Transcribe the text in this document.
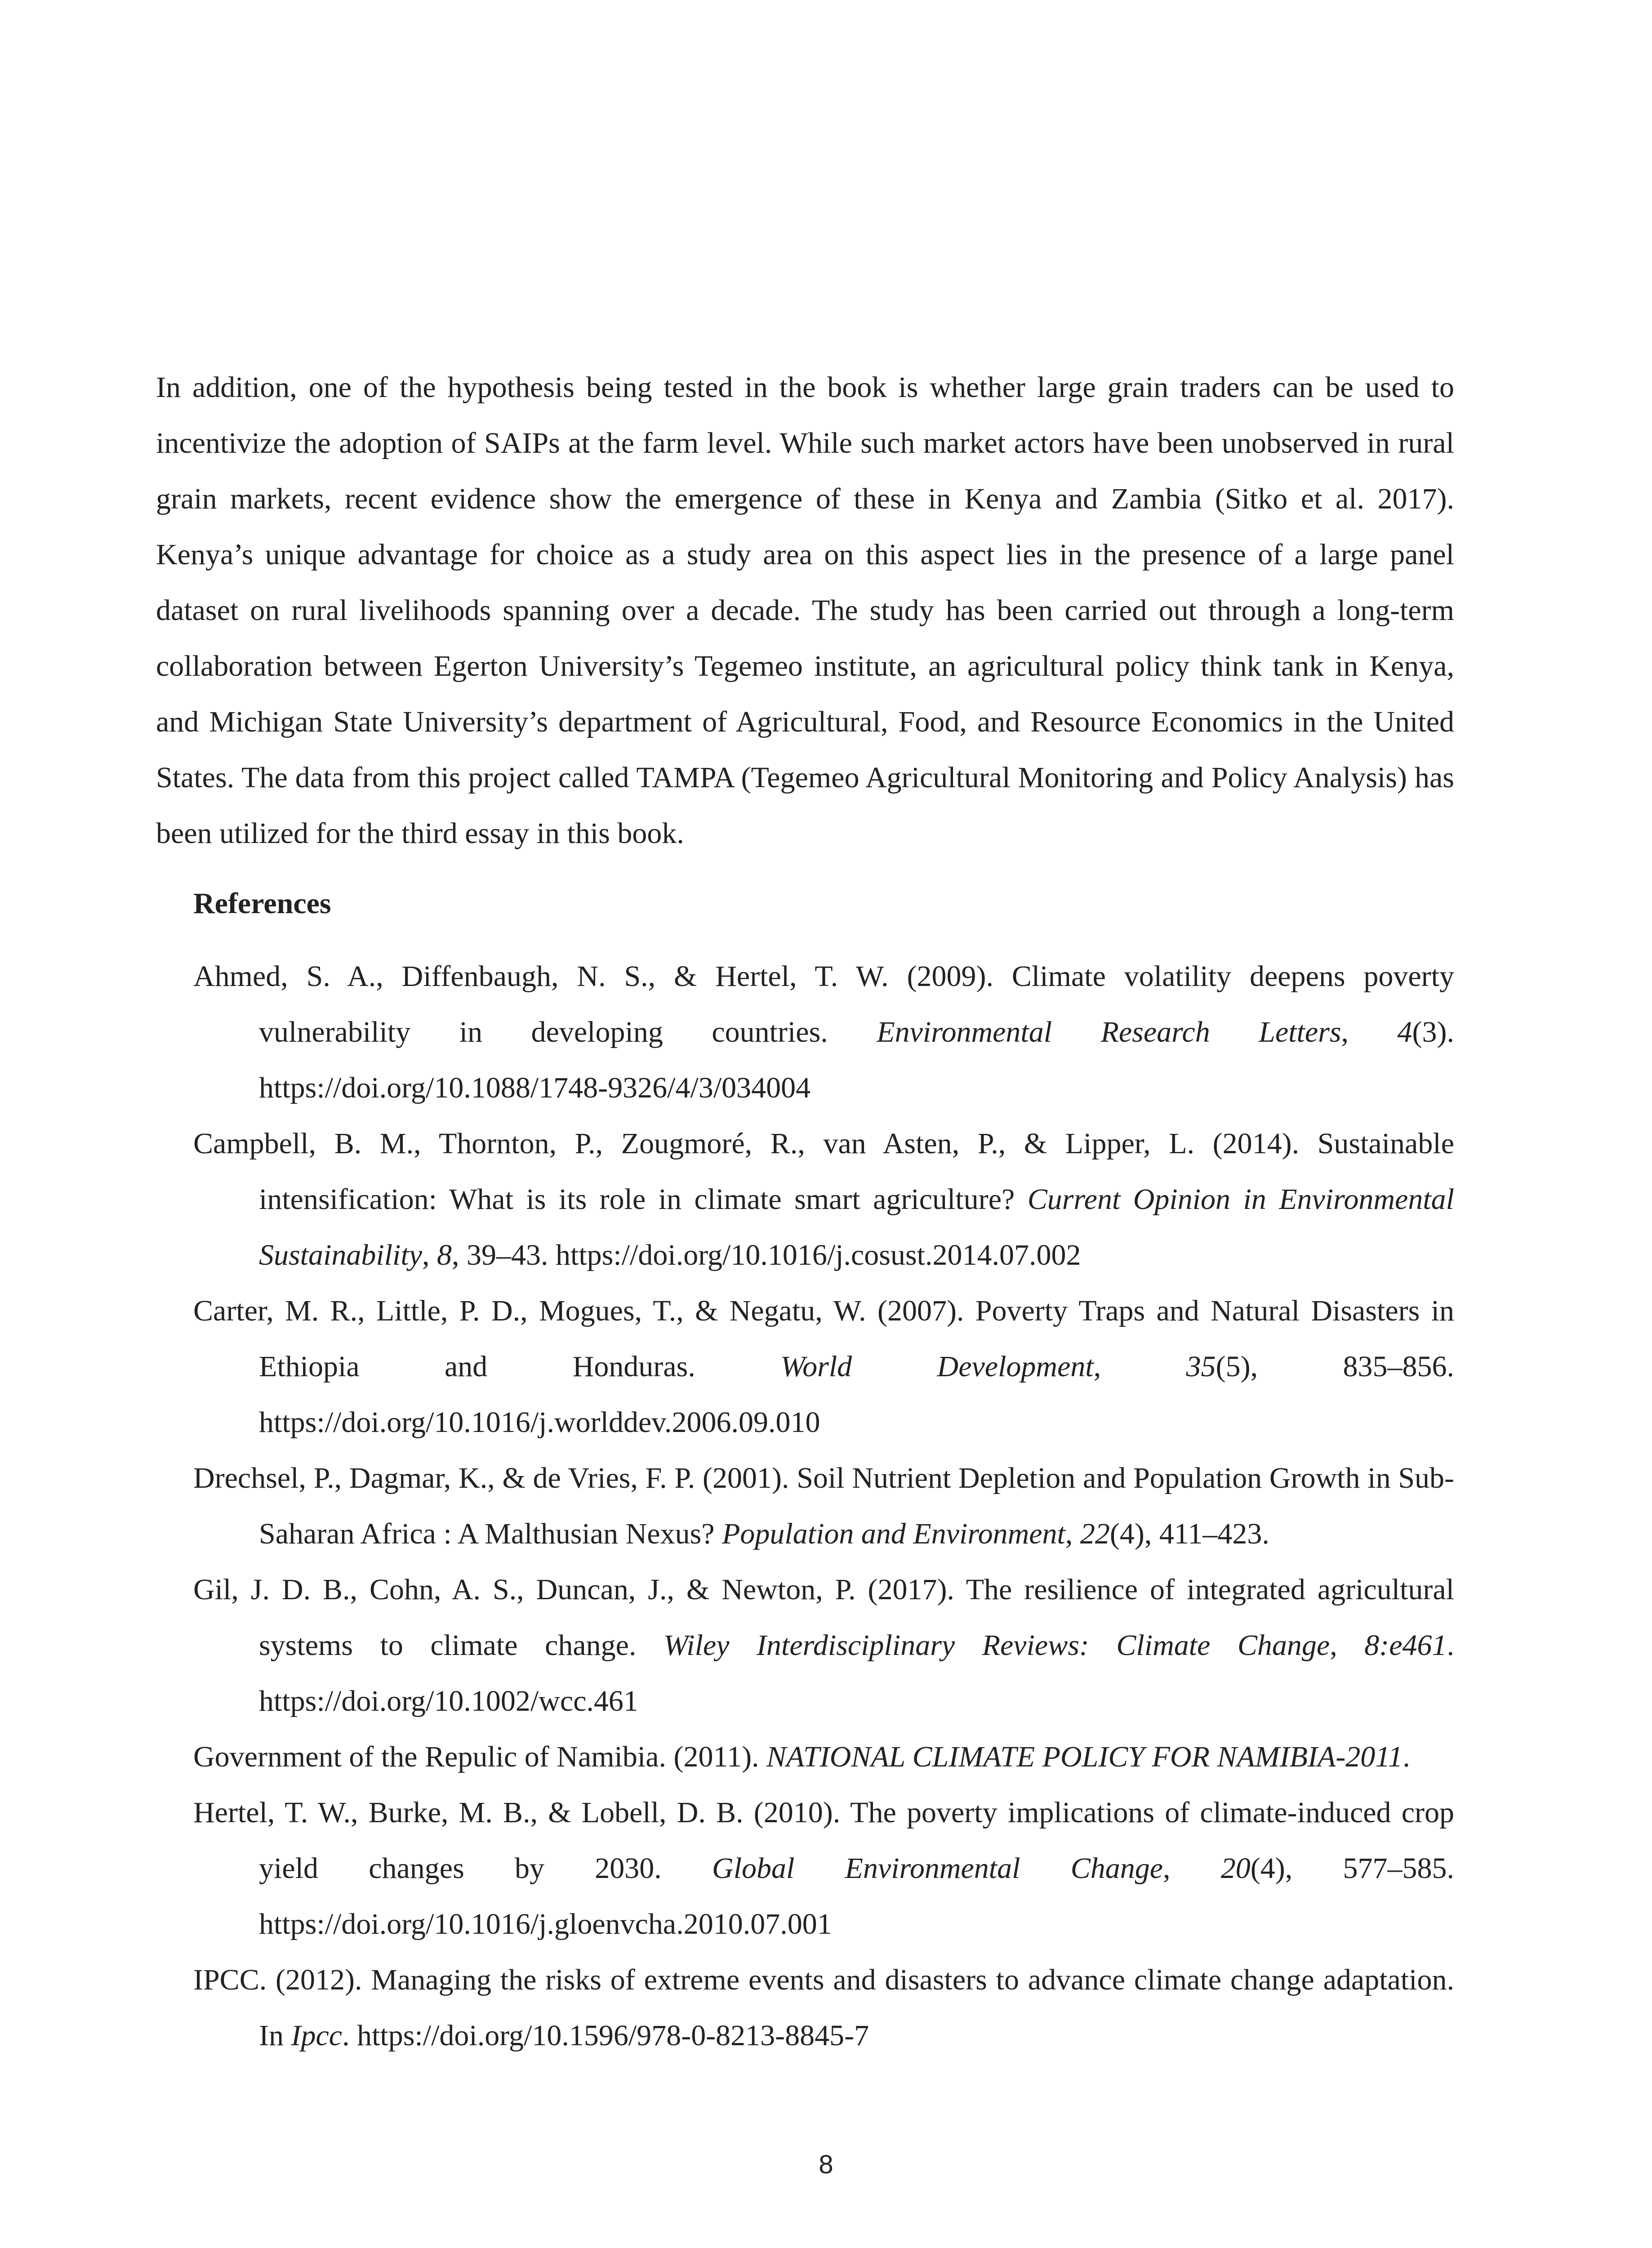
In addition, one of the hypothesis being tested in the book is whether large grain traders can be used to incentivize the adoption of SAIPs at the farm level. While such market actors have been unobserved in rural grain markets, recent evidence show the emergence of these in Kenya and Zambia (Sitko et al. 2017). Kenya’s unique advantage for choice as a study area on this aspect lies in the presence of a large panel dataset on rural livelihoods spanning over a decade. The study has been carried out through a long-term collaboration between Egerton University’s Tegemeo institute, an agricultural policy think tank in Kenya, and Michigan State University’s department of Agricultural, Food, and Resource Economics in the United States. The data from this project called TAMPA (Tegemeo Agricultural Monitoring and Policy Analysis) has been utilized for the third essay in this book.

References
Ahmed, S. A., Diffenbaugh, N. S., & Hertel, T. W. (2009). Climate volatility deepens poverty vulnerability in developing countries. Environmental Research Letters, 4(3). https://doi.org/10.1088/1748-9326/4/3/034004
Campbell, B. M., Thornton, P., Zougmoré, R., van Asten, P., & Lipper, L. (2014). Sustainable intensification: What is its role in climate smart agriculture? Current Opinion in Environmental Sustainability, 8, 39–43. https://doi.org/10.1016/j.cosust.2014.07.002
Carter, M. R., Little, P. D., Mogues, T., & Negatu, W. (2007). Poverty Traps and Natural Disasters in Ethiopia and Honduras. World Development, 35(5), 835–856. https://doi.org/10.1016/j.worlddev.2006.09.010
Drechsel, P., Dagmar, K., & de Vries, F. P. (2001). Soil Nutrient Depletion and Population Growth in Sub-Saharan Africa : A Malthusian Nexus? Population and Environment, 22(4), 411–423.
Gil, J. D. B., Cohn, A. S., Duncan, J., & Newton, P. (2017). The resilience of integrated agricultural systems to climate change. Wiley Interdisciplinary Reviews: Climate Change, 8:e461. https://doi.org/10.1002/wcc.461
Government of the Repulic of Namibia. (2011). NATIONAL CLIMATE POLICY FOR NAMIBIA-2011.
Hertel, T. W., Burke, M. B., & Lobell, D. B. (2010). The poverty implications of climate-induced crop yield changes by 2030. Global Environmental Change, 20(4), 577–585. https://doi.org/10.1016/j.gloenvcha.2010.07.001
IPCC. (2012). Managing the risks of extreme events and disasters to advance climate change adaptation. In Ipcc. https://doi.org/10.1596/978-0-8213-8845-7

8
